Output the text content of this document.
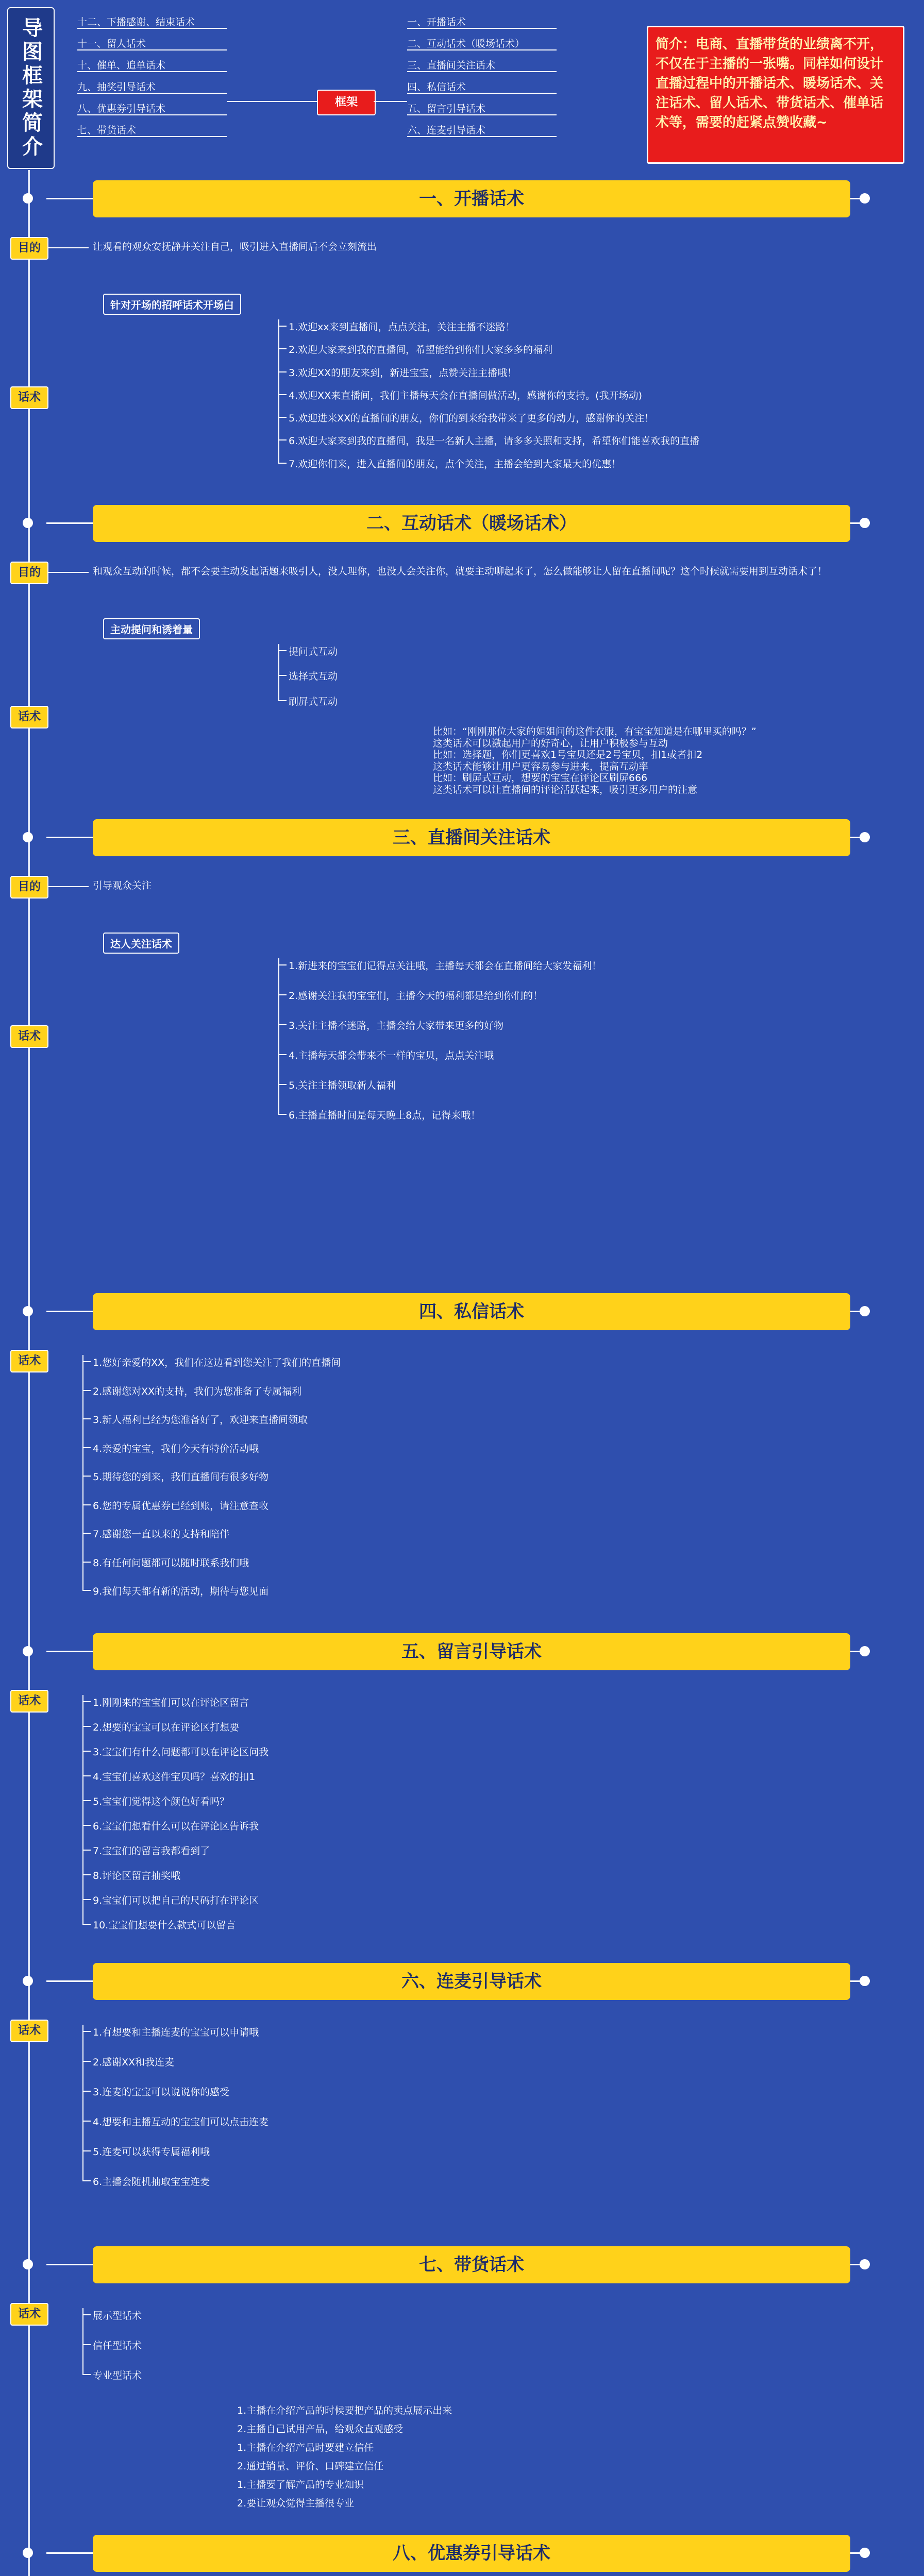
导图框架简介	框架
十二、下播感谢、结束话术
十一、留人话术
十、催单、追单话术
九、抽奖引导话术
八、优惠券引导话术
七、带货话术
一、开播话术
二、互动话术（暖场话术）
三、直播间关注话术
四、私信话术
五、留言引导话术
六、连麦引导话术
简介：电商、直播带货的业绩离不开，不仅在于主播的一张嘴。同样如何设计直播过程中的开播话术、暖场话术、关注话术、留人话术、带货话术、催单话术等，需要的赶紧点赞收藏~
一、开播话术
目的	让观看的观众安抚静并关注自己，吸引进入直播间后不会立刻流出
话术
针对开场的招呼话术开场白
1.欢迎xx来到直播间，点点关注，关注主播不迷路！
2.欢迎大家来到我的直播间，希望能给到你们大家多多的福利
3.欢迎XX的朋友来到，新进宝宝，点赞关注主播哦！
4.欢迎XX来直播间，我们主播每天会在直播间做活动，感谢你的支持。(我开场动)
5.欢迎进来XX的直播间的朋友，你们的到来给我带来了更多的动力，感谢你的关注！
6.欢迎大家来到我的直播间，我是一名新人主播，请多多关照和支持，希望你们能喜欢我的直播
7.欢迎你们来，进入直播间的朋友，点个关注，主播会给到大家最大的优惠！
二、互动话术（暖场话术）
目的	和观众互动的时候，都不会要主动发起话题来吸引人，没人理你，也没人会关注你，就要主动聊起来了，怎么做能够让人留在直播间呢？这个时候就需要用到互动话术了！
话术
主动提问和诱着量
提问式互动
选择式互动
刷屏式互动
比如：“刚刚那位大家的姐姐问的这件衣服，有宝宝知道是在哪里买的吗？”
这类话术可以激起用户的好奇心，让用户积极参与互动
比如：选择题，你们更喜欢1号宝贝还是2号宝贝，扣1或者扣2
这类话术能够让用户更容易参与进来，提高互动率
比如：刷屏式互动，想要的宝宝在评论区刷屏666
这类话术可以让直播间的评论活跃起来，吸引更多用户的注意
三、直播间关注话术
目的	引导观众关注
话术
达人关注话术
1.新进来的宝宝们记得点关注哦，主播每天都会在直播间给大家发福利！
2.感谢关注我的宝宝们，主播今天的福利都是给到你们的！
3.关注主播不迷路，主播会给大家带来更多的好物
4.主播每天都会带来不一样的宝贝，点点关注哦
5.关注主播领取新人福利
6.主播直播时间是每天晚上8点，记得来哦！
四、私信话术
话术	1.您好亲爱的XX，我们在这边看到您关注了我们的直播间
2.感谢您对XX的支持，我们为您准备了专属福利
3.新人福利已经为您准备好了，欢迎来直播间领取
4.亲爱的宝宝，我们今天有特价活动哦
5.期待您的到来，我们直播间有很多好物
6.您的专属优惠券已经到账，请注意查收
7.感谢您一直以来的支持和陪伴
8.有任何问题都可以随时联系我们哦
9.我们每天都有新的活动，期待与您见面
五、留言引导话术
话术	1.刚刚来的宝宝们可以在评论区留言
2.想要的宝宝可以在评论区打想要
3.宝宝们有什么问题都可以在评论区问我
4.宝宝们喜欢这件宝贝吗？喜欢的扣1
5.宝宝们觉得这个颜色好看吗？
6.宝宝们想看什么可以在评论区告诉我
7.宝宝们的留言我都看到了
8.评论区留言抽奖哦
9.宝宝们可以把自己的尺码打在评论区
10.宝宝们想要什么款式可以留言
六、连麦引导话术
话术	1.有想要和主播连麦的宝宝可以申请哦
2.感谢XX和我连麦
3.连麦的宝宝可以说说你的感受
4.想要和主播互动的宝宝们可以点击连麦
5.连麦可以获得专属福利哦
6.主播会随机抽取宝宝连麦
七、带货话术
话术	展示型话术
信任型话术
专业型话术
1.主播在介绍产品的时候要把产品的卖点展示出来
2.主播自己试用产品，给观众直观感受
1.主播在介绍产品时要建立信任
2.通过销量、评价、口碑建立信任
1.主播要了解产品的专业知识
2.要让观众觉得主播很专业
八、优惠券引导话术
